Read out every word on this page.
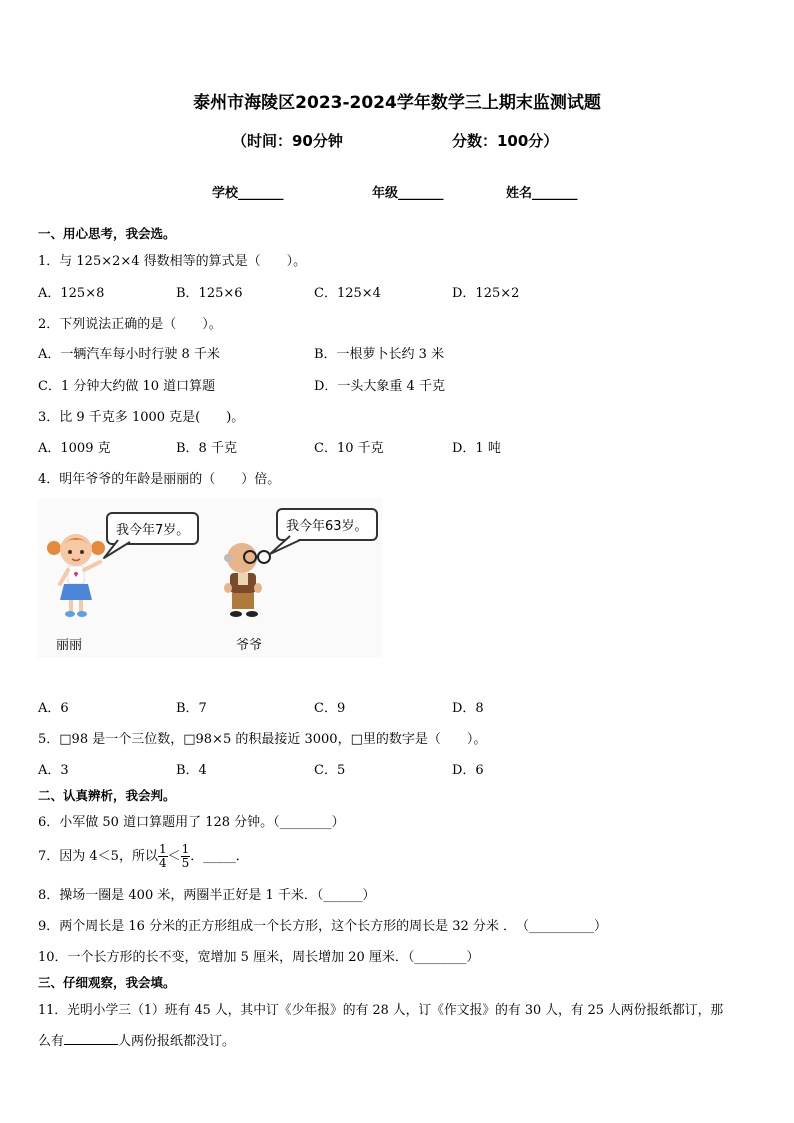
泰州市海陵区2023-2024学年数学三上期末监测试题
（时间：90分钟	分数：100分）
学校_______	年级_______	姓名_______
一、用心思考，我会选。
1．与 125×2×4 得数相等的算式是（　　）。
A．125×8	B．125×6	C．125×4	D．125×2
2．下列说法正确的是（　　）。
A．一辆汽车每小时行驶 8 千米	B．一根萝卜长约 3 米
C．1 分钟大约做 10 道口算题	D．一头大象重 4 千克
3．比 9 千克多 1000 克是(　　)。
A．1009 克	B．8 千克	C．10 千克	D．1 吨
4．明年爷爷的年龄是丽丽的（　　）倍。
我今年7岁。
丽丽
我今年63岁。
爷爷
A．6	B．7	C．9	D．8
5．□98 是一个三位数，□98×5 的积最接近 3000，□里的数字是（　　）。
A．3	B．4	C．5	D．6
二、认真辨析，我会判。
6．小军做 50 道口算题用了 128 分钟。（________）
7．因为 4＜5，所以 $\frac{1}{4} < \frac{1}{5}$ ．_____．
8．操场一圈是 400 米，两圈半正好是 1 千米．（______）
9．两个周长是 16 分米的正方形组成一个长方形，这个长方形的周长是 32 分米 ．　（__________）
10．一个长方形的长不变，宽增加 5 厘米，周长增加 20 厘米．（________）
三、仔细观察，我会填。
11．光明小学三（1）班有 45 人，其中订《少年报》的有 28 人，订《作文报》的有 30 人，有 25 人两份报纸都订，那
么有	人两份报纸都没订。
